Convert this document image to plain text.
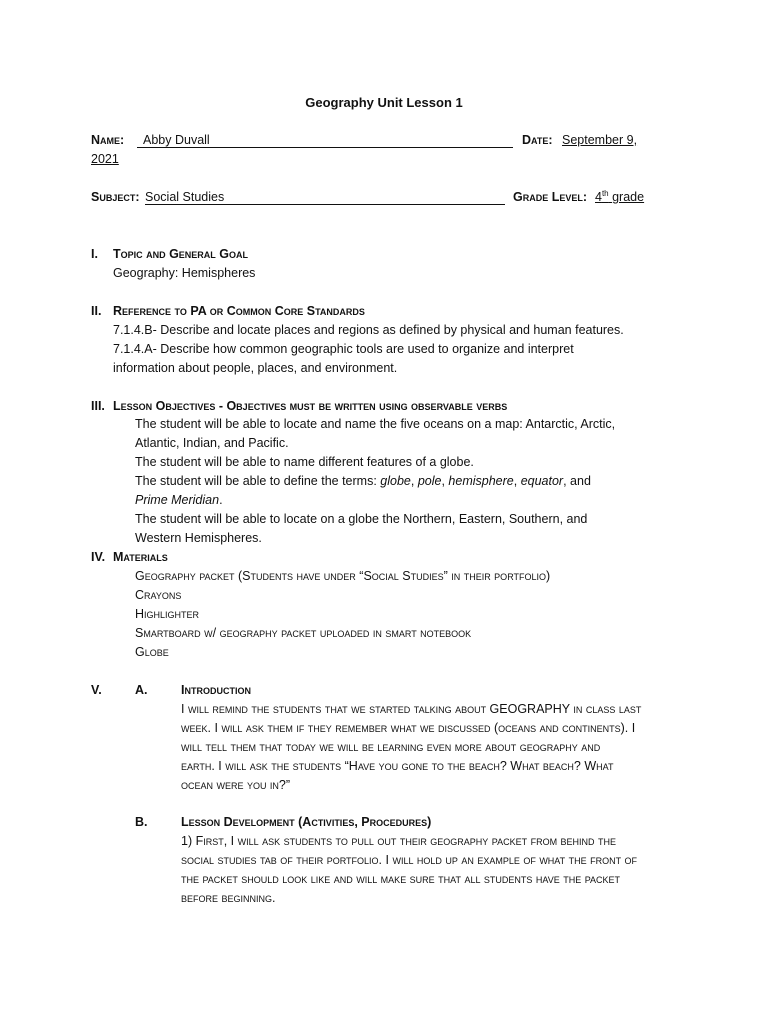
Geography Unit Lesson 1
Name:	Abby Duvall	Date: September 9,
2021
Subject: Social Studies	Grade Level: 4th grade
I. Topic and General Goal
Geography: Hemispheres
II. Reference to PA or Common Core Standards
7.1.4.B- Describe and locate places and regions as defined by physical and human features.
7.1.4.A- Describe how common geographic tools are used to organize and interpret
information about people, places, and environment.
III. Lesson Objectives - Objectives must be written using observable verbs
The student will be able to locate and name the five oceans on a map: Antarctic, Arctic,
Atlantic, Indian, and Pacific.
The student will be able to name different features of a globe.
The student will be able to define the terms: globe, pole, hemisphere, equator, and
Prime Meridian.
The student will be able to locate on a globe the Northern, Eastern, Southern, and
Western Hemispheres.
IV. Materials
Geography packet (Students have under “Social Studies” in their portfolio)
Crayons
Highlighter
Smartboard w/ geography packet uploaded in smart notebook
Globe
V.	A.	Introduction
I will remind the students that we started talking about GEOGRAPHY in class last
week. I will ask them if they remember what we discussed (oceans and continents). I
will tell them that today we will be learning even more about geography and
earth. I will ask the students “Have you gone to the beach? What beach? What
ocean were you in?”
B.	Lesson Development (Activities, Procedures)
1) First, I will ask students to pull out their geography packet from behind the
social studies tab of their portfolio. I will hold up an example of what the front of
the packet should look like and will make sure that all students have the packet
before beginning.
